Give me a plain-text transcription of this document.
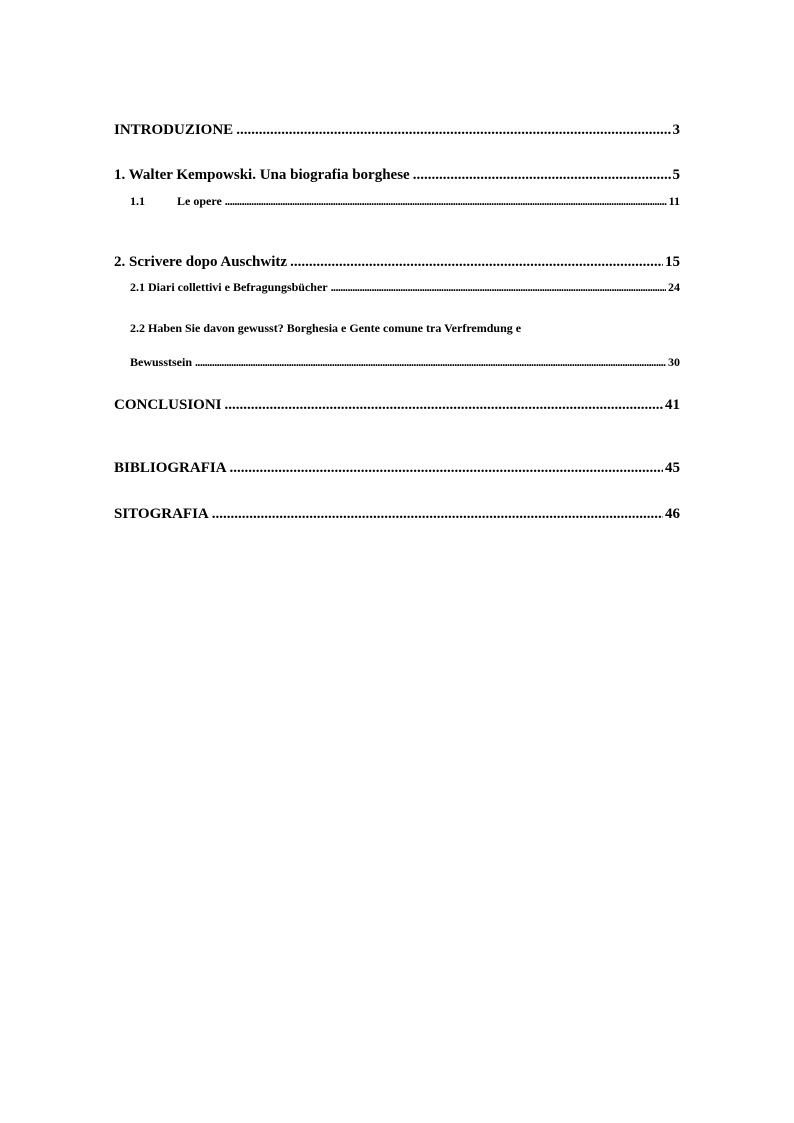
INTRODUZIONE .....	3
1. Walter Kempowski. Una biografia borghese .....	5
1.1	Le opere .....	11
2. Scrivere dopo Auschwitz .....	15
2.1 Diari collettivi e Befragungsbücher .....	24
2.2 Haben Sie davon gewusst? Borghesia e Gente comune tra Verfremdung e
Bewusstsein .....	30
CONCLUSIONI .....	41
BIBLIOGRAFIA .....	45
SITOGRAFIA .....	46
